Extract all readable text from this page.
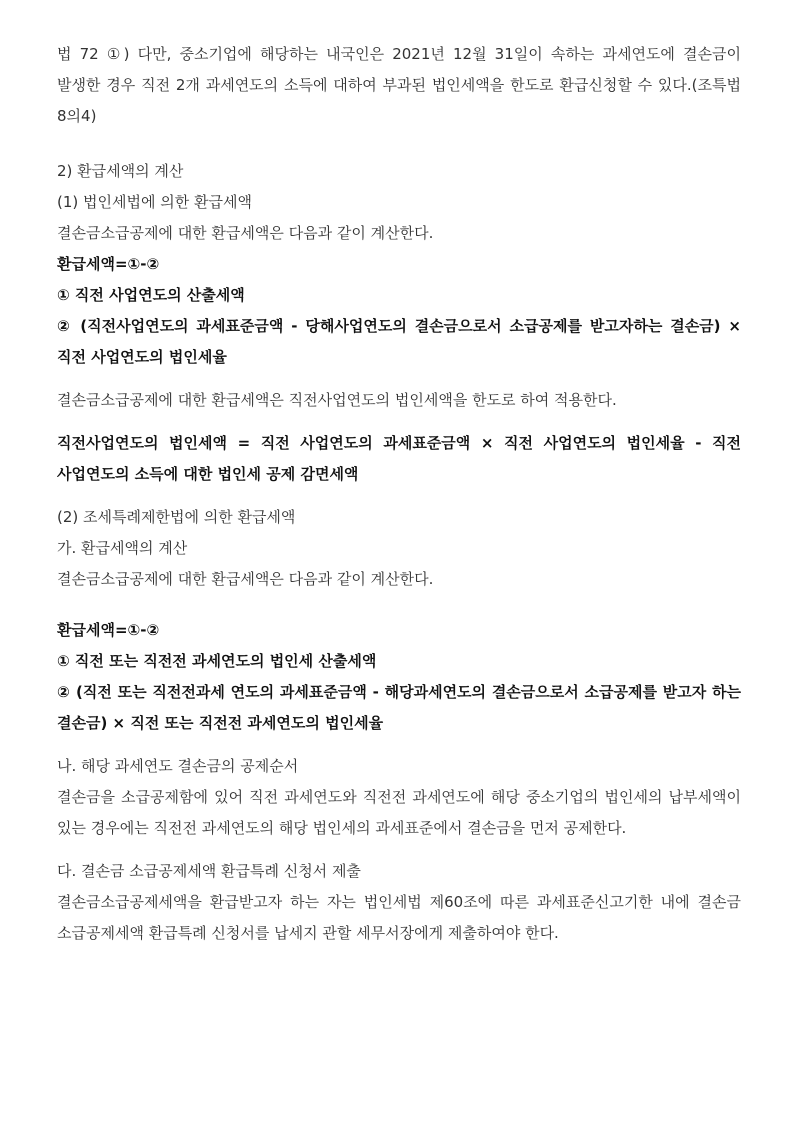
법 72 ①) 다만, 중소기업에 해당하는 내국인은 2021년 12월 31일이 속하는 과세연도에 결손금이 발생한 경우 직전 2개 과세연도의 소득에 대하여 부과된 법인세액을 한도로 환급신청할 수 있다.(조특법 8의4)

2) 환급세액의 계산

(1) 법인세법에 의한 환급세액

결손금소급공제에 대한 환급세액은 다음과 같이 계산한다.

환급세액=①-②

① 직전 사업연도의 산출세액

② (직전사업연도의 과세표준금액 - 당해사업연도의 결손금으로서 소급공제를 받고자하는 결손금) × 직전 사업연도의 법인세율

결손금소급공제에 대한 환급세액은 직전사업연도의 법인세액을 한도로 하여 적용한다.

직전사업연도의 법인세액 = 직전 사업연도의 과세표준금액 × 직전 사업연도의 법인세율 - 직전 사업연도의 소득에 대한 법인세 공제 감면세액

(2) 조세특례제한법에 의한 환급세액

가. 환급세액의 계산

결손금소급공제에 대한 환급세액은 다음과 같이 계산한다.

환급세액=①-②

① 직전 또는 직전전 과세연도의 법인세 산출세액

② (직전 또는 직전전과세 연도의 과세표준금액 - 해당과세연도의 결손금으로서 소급공제를 받고자 하는 결손금) × 직전 또는 직전전 과세연도의 법인세율

나. 해당 과세연도 결손금의 공제순서

결손금을 소급공제함에 있어 직전 과세연도와 직전전 과세연도에 해당 중소기업의 법인세의 납부세액이 있는 경우에는 직전전 과세연도의 해당 법인세의 과세표준에서 결손금을 먼저 공제한다.

다. 결손금 소급공제세액 환급특례 신청서 제출

결손금소급공제세액을 환급받고자 하는 자는 법인세법 제60조에 따른 과세표준신고기한 내에 결손금 소급공제세액 환급특례 신청서를 납세지 관할 세무서장에게 제출하여야 한다.
